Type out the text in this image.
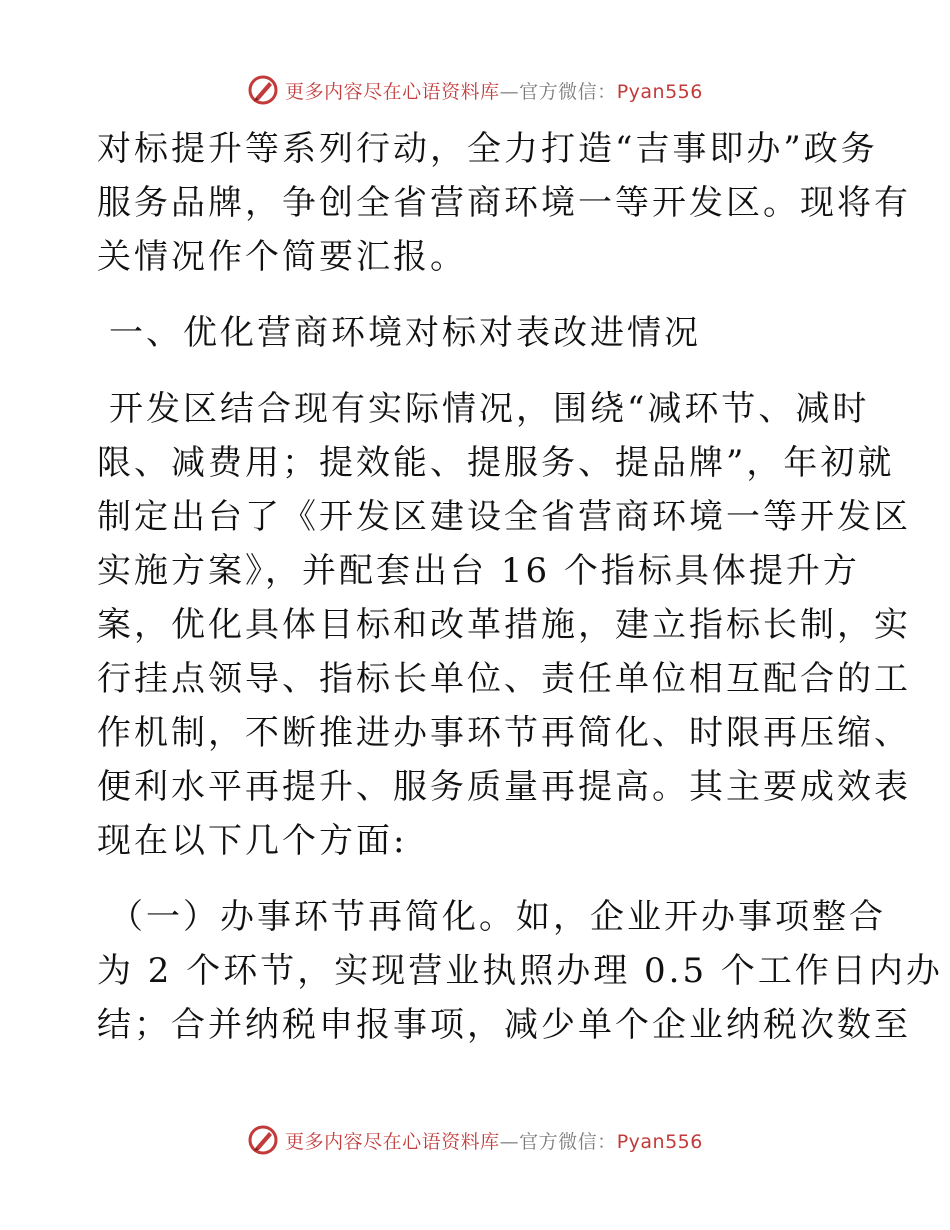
更多内容尽在心语资料库—官方微信：Pyan556
对标提升等系列行动，全力打造“吉事即办”政务
服务品牌，争创全省营商环境一等开发区。现将有
关情况作个简要汇报。
一、优化营商环境对标对表改进情况
开发区结合现有实际情况，围绕“减环节、减时
限、减费用；提效能、提服务、提品牌”，年初就
制定出台了《开发区建设全省营商环境一等开发区
实施方案》，并配套出台 16 个指标具体提升方
案，优化具体目标和改革措施，建立指标长制，实
行挂点领导、指标长单位、责任单位相互配合的工
作机制，不断推进办事环节再简化、时限再压缩、
便利水平再提升、服务质量再提高。其主要成效表
现在以下几个方面:
（一）办事环节再简化。如，企业开办事项整合
为 2 个环节，实现营业执照办理 0.5 个工作日内办
结；合并纳税申报事项，减少单个企业纳税次数至
更多内容尽在心语资料库—官方微信：Pyan556
